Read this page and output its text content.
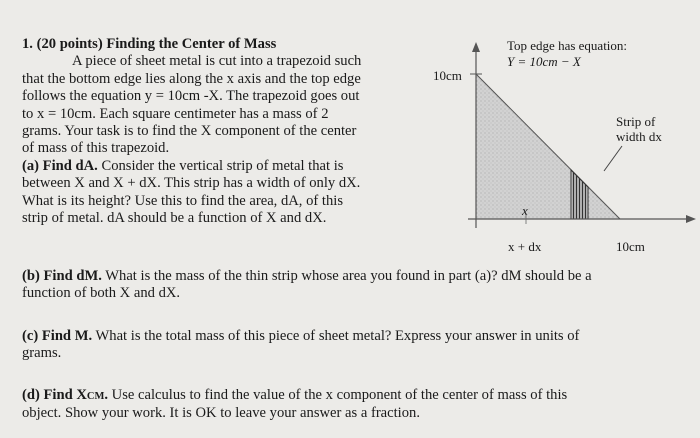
1. (20 points) Finding the Center of Mass

A piece of sheet metal is cut into a trapezoid such

that the bottom edge lies along the x axis and the top edge

follows the equation y = 10cm -X. The trapezoid goes out

to x = 10cm. Each square centimeter has a mass of 2

grams. Your task is to find the X component of the center

of mass of this trapezoid.

(a) Find dA. Consider the vertical strip of metal that is

between X and X + dX. This strip has a width of only dX.

What is its height? Use this to find the area, dA, of this

strip of metal. dA should be a function of X and dX.

Top edge has equation:
Y = 10cm − X
10cm
Strip of
width dx
x
x + dx	10cm

(b) Find dM. What is the mass of the thin strip whose area you found in part (a)? dM should be a

function of both X and dX.

(c) Find M. What is the total mass of this piece of sheet metal? Express your answer in units of

grams.

(d) Find XCM. Use calculus to find the value of the x component of the center of mass of this

object. Show your work. It is OK to leave your answer as a fraction.
